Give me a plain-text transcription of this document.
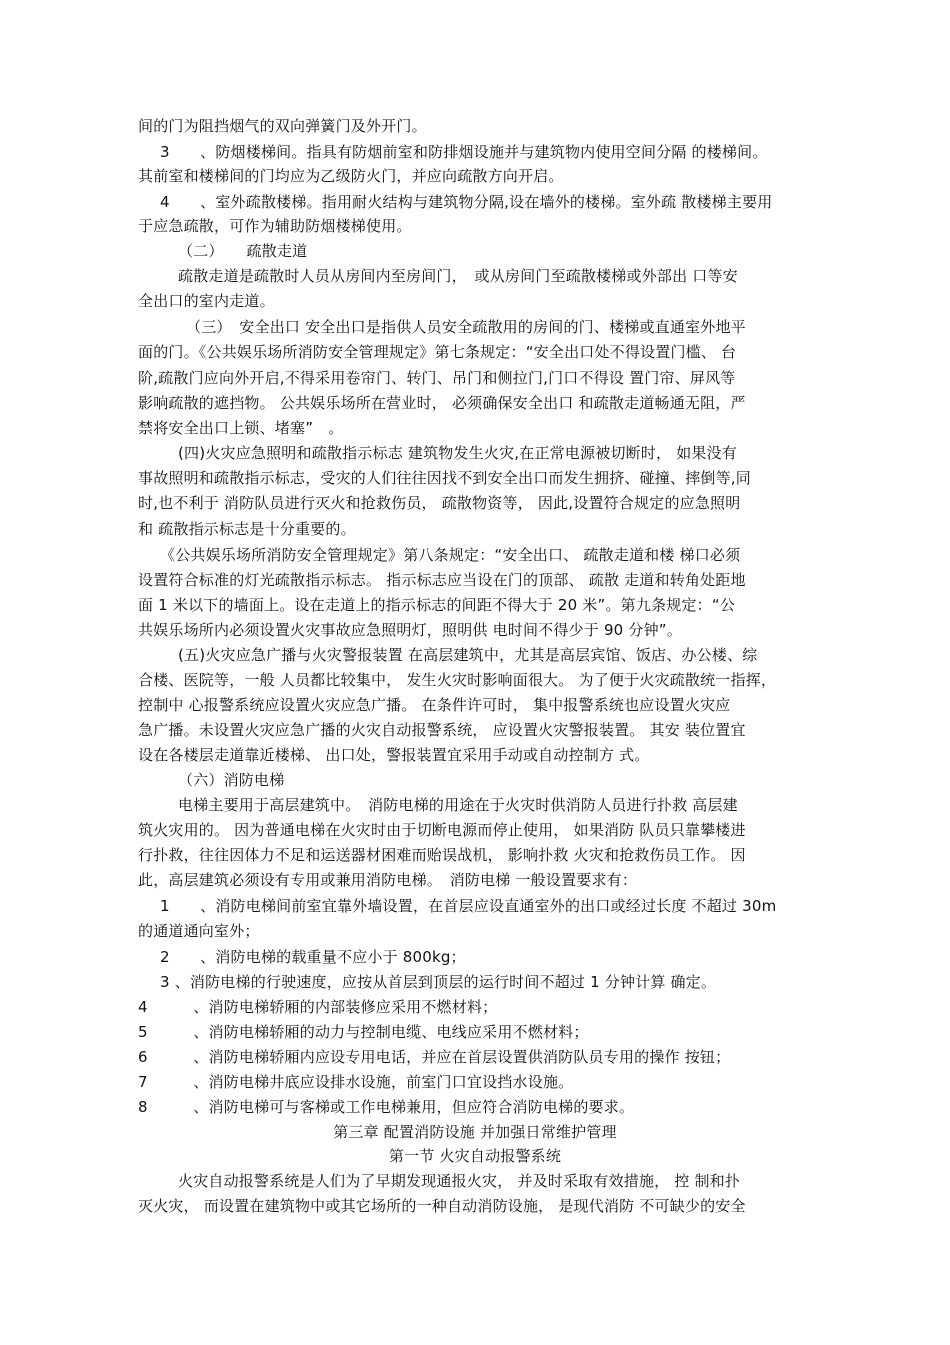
间的门为阻挡烟气的双向弹簧门及外开门。
3　　、防烟楼梯间。指具有防烟前室和防排烟设施并与建筑物内使用空间分隔 的楼梯间。
其前室和楼梯间的门均应为乙级防火门，并应向疏散方向开启。
4　　、室外疏散楼梯。指用耐火结构与建筑物分隔,设在墙外的楼梯。室外疏 散楼梯主要用
于应急疏散，可作为辅助防烟楼梯使用。
（二）　　疏散走道
疏散走道是疏散时人员从房间内至房间门，　或从房间门至疏散楼梯或外部出 口等安
全出口的室内走道。
（三）　安全出口 安全出口是指供人员安全疏散用的房间的门、楼梯或直通室外地平
面的门。《公共娱乐场所消防安全管理规定》第七条规定：“安全出口处不得设置门槛、 台
阶,疏散门应向外开启,不得采用卷帘门、转门、吊门和侧拉门,门口不得设 置门帘、屏风等
影响疏散的遮挡物。 公共娱乐场所在营业时， 必须确保安全出口 和疏散走道畅通无阻，严
禁将安全出口上锁、堵塞”　。
(四)火灾应急照明和疏散指示标志 建筑物发生火灾,在正常电源被切断时， 如果没有
事故照明和疏散指示标志，受灾的人们往往因找不到安全出口而发生拥挤、碰撞、摔倒等,同
时,也不利于 消防队员进行灭火和抢救伤员， 疏散物资等， 因此,设置符合规定的应急照明
和 疏散指示标志是十分重要的。
《公共娱乐场所消防安全管理规定》第八条规定：“安全出口、 疏散走道和楼 梯口必须
设置符合标准的灯光疏散指示标志。 指示标志应当设在门的顶部、 疏散 走道和转角处距地
面 1 米以下的墙面上。设在走道上的指示标志的间距不得大于 20 米”。第九条规定：“公
共娱乐场所内必须设置火灾事故应急照明灯，照明供 电时间不得少于 90 分钟”。
(五)火灾应急广播与火灾警报装置 在高层建筑中，尤其是高层宾馆、饭店、办公楼、综
合楼、医院等，一般 人员都比较集中， 发生火灾时影响面很大。 为了便于火灾疏散统一指挥，
控制中 心报警系统应设置火灾应急广播。 在条件许可时， 集中报警系统也应设置火灾应
急广播。未设置火灾应急广播的火灾自动报警系统， 应设置火灾警报装置。 其安 装位置宜
设在各楼层走道靠近楼梯、 出口处，警报装置宜采用手动或自动控制方 式。
（六）消防电梯
电梯主要用于高层建筑中。　消防电梯的用途在于火灾时供消防人员进行扑救 高层建
筑火灾用的。 因为普通电梯在火灾时由于切断电源而停止使用， 如果消防 队员只靠攀楼进
行扑救，往往因体力不足和运送器材困难而贻误战机， 影响扑救 火灾和抢救伤员工作。 因
此，高层建筑必须设有专用或兼用消防电梯。　消防电梯 一般设置要求有：
1　　、消防电梯间前室宜靠外墙设置，在首层应设直通室外的出口或经过长度 不超过 30m
的通道通向室外；
2　　、消防电梯的载重量不应小于 800kg；
3 、消防电梯的行驶速度，应按从首层到顶层的运行时间不超过 1 分钟计算 确定。
4　　　、消防电梯轿厢的内部装修应采用不燃材料；
5　　　、消防电梯轿厢的动力与控制电缆、电线应采用不燃材料；
6　　　、消防电梯轿厢内应设专用电话，并应在首层设置供消防队员专用的操作 按钮；
7　　　、消防电梯井底应设排水设施，前室门口宜设挡水设施。
8　　　、消防电梯可与客梯或工作电梯兼用，但应符合消防电梯的要求。
第三章 配置消防设施 并加强日常维护管理
第一节 火灾自动报警系统
火灾自动报警系统是人们为了早期发现通报火灾， 并及时采取有效措施， 控 制和扑
灭火灾， 而设置在建筑物中或其它场所的一种自动消防设施， 是现代消防 不可缺少的安全
